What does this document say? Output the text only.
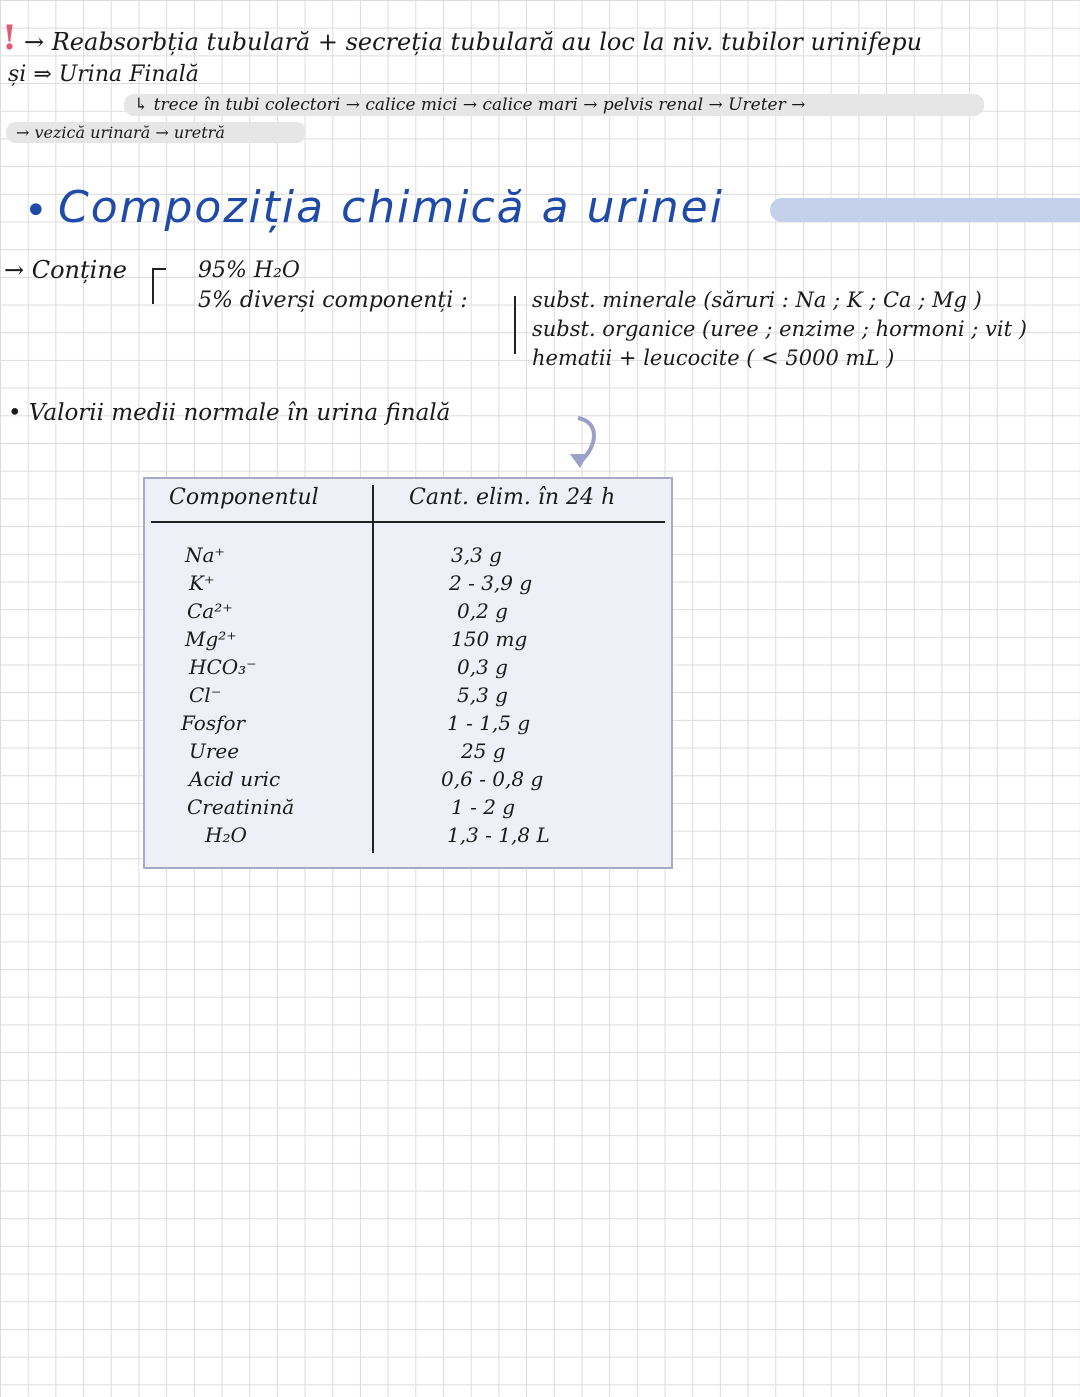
! → Reabsorbția tubulară + secreția tubulară au loc la niv. tubilor urinifери
și ⇒ Urina Finală
↳ trece în tubi colectori → calice mici → calice mari → pelvis renal → Ureter →
→ vezică urinară → uretră
• Compoziția chimică a urinei
→ Conține	95% H₂O
5% diverși componenți :	subst. minerale (săruri : Na ; K ; Ca ; Mg )
subst. organice (uree ; enzime ; hormoni ; vit )
hematii + leucocite ( < 5000 mL )
• Valorii medii normale în urina finală
Componentul	Cant. elim. în 24 h
Na⁺	3,3 g
K⁺	2 - 3,9 g
Ca²⁺	0,2 g
Mg²⁺	150 mg
HCO₃⁻	0,3 g
Cl⁻	5,3 g
Fosfor	1 - 1,5 g
Uree	25 g
Acid uric	0,6 - 0,8 g
Creatinină	1 - 2 g
H₂O	1,3 - 1,8 L
